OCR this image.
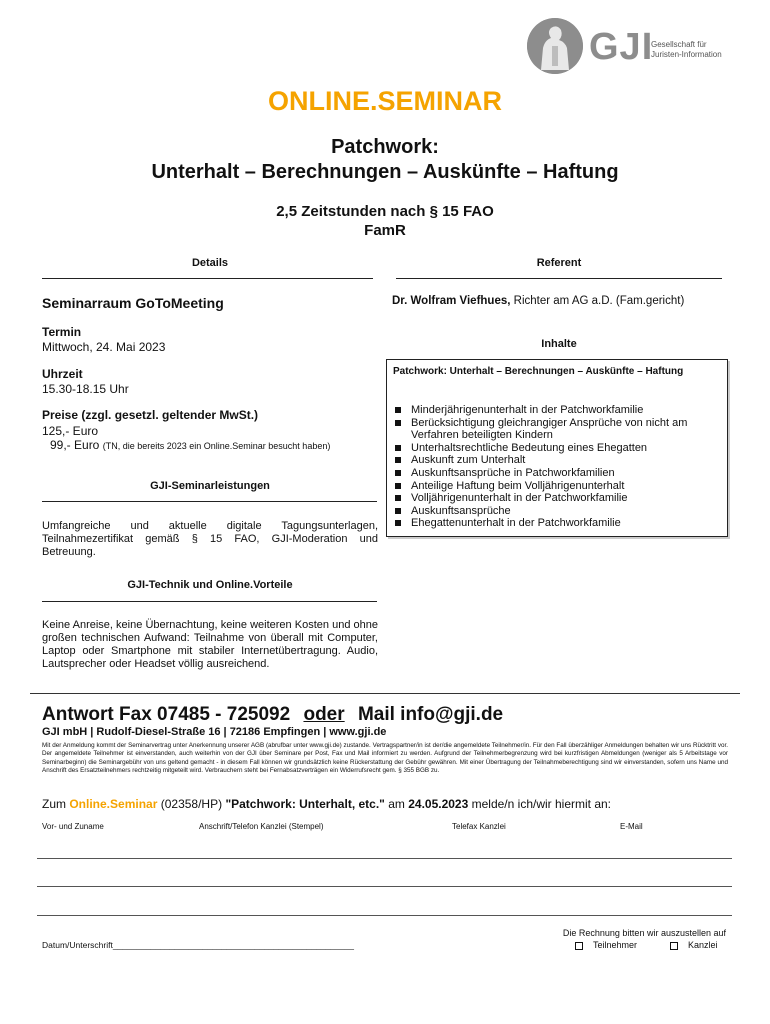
GJI
Gesellschaft für
Juristen-Information
ONLINE.SEMINAR
Patchwork:
Unterhalt – Berechnungen – Auskünfte – Haftung
2,5 Zeitstunden nach § 15 FAO
FamR
Details
Seminarraum GoToMeeting
Termin
Mittwoch, 24. Mai 2023
Uhrzeit
15.30-18.15 Uhr
Preise (zzgl. gesetzl. geltender MwSt.)
125,- Euro
99,- Euro (TN, die bereits 2023 ein Online.Seminar besucht haben)
GJI-Seminarleistungen
Umfangreiche und aktuelle digitale Tagungsunterlagen, Teilnahmezertifikat gemäß § 15 FAO, GJI-Moderation und Betreuung.
GJI-Technik und Online.Vorteile
Keine Anreise, keine Übernachtung, keine weiteren Kosten und ohne großen technischen Aufwand: Teilnahme von überall mit Computer, Laptop oder Smartphone mit stabiler Internetübertragung. Audio, Lautsprecher oder Headset völlig ausreichend.
Referent
Dr. Wolfram Viefhues, Richter am AG a.D. (Fam.gericht)
Inhalte
Patchwork: Unterhalt – Berechnungen – Auskünfte – Haftung
Minderjährigenunterhalt in der Patchworkfamilie
Berücksichtigung gleichrangiger Ansprüche von nicht am Verfahren beteiligten Kindern
Unterhaltsrechtliche Bedeutung eines Ehegatten
Auskunft zum Unterhalt
Auskunftsansprüche in Patchworkfamilien
Anteilige Haftung beim Volljährigenunterhalt
Volljährigenunterhalt in der Patchworkfamilie
Auskunftsansprüche
Ehegattenunterhalt in der Patchworkfamilie
Antwort Fax 07485 - 725092 oder Mail info@gji.de
GJI mbH | Rudolf-Diesel-Straße 16 | 72186 Empfingen | www.gji.de
Mit der Anmeldung kommt der Seminarvertrag unter Anerkennung unserer AGB (abrufbar unter www.gji.de) zustande. Vertragspartner/in ist der/die angemeldete Teilnehmer/in. Für den Fall überzähliger Anmeldungen behalten wir uns Rücktritt vor. Der angemeldete Teilnehmer ist einverstanden, auch weiterhin von der GJI über Seminare per Post, Fax und Mail informiert zu werden. Aufgrund der Teilnehmerbegrenzung wird bei kurzfristigen Abmeldungen (weniger als 5 Arbeitstage vor Seminarbeginn) die Seminargebühr von uns geltend gemacht - in diesem Fall können wir grundsätzlich keine Rückerstattung der Gebühr gewähren. Mit einer Übertragung der Teilnahmeberechtigung sind wir einverstanden, sofern uns Name und Anschrift des Ersatzteilnehmers rechtzeitig mitgeteilt wird. Verbrauchern steht bei Fernabsatzverträgen ein Widerrufsrecht gem. § 355 BGB zu.
Zum Online.Seminar (02358/HP) "Patchwork: Unterhalt, etc." am 24.05.2023 melde/n ich/wir hiermit an:
Vor- und Zuname	Anschrift/Telefon Kanzlei (Stempel)	Telefax Kanzlei	E-Mail
Datum/Unterschrift___________________________________________________
Die Rechnung bitten wir auszustellen auf
Teilnehmer	Kanzlei
